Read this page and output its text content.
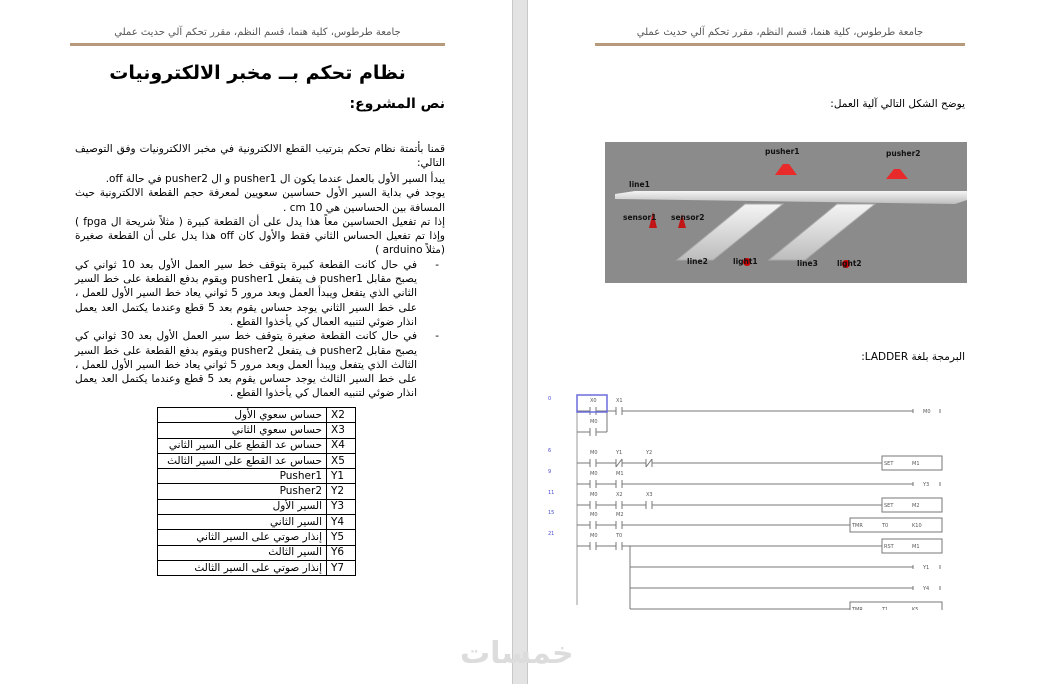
جامعة طرطوس، كلية هنما، قسم النظم، مقرر تحكم آلي حديث عملي
نظام تحكم بــ مخبر الالكترونيات
نص المشروع:
قمنا بأتمتة نظام تحكم بترتيب القطع الالكترونية في مخبر الالكترونيات وفق التوصيف التالي:

يبدأ السير الأول بالعمل عندما يكون ال pusher1 و ال pusher2 في حالة off.

يوجد في بداية السير الأول حساسين سعويين لمعرفة حجم القطعة الالكترونية حيث المسافة بين الحساسين هي 10 cm .

إذا تم تفعيل الحساسين معاً هذا يدل على أن القطعة كبيرة ( مثلاً شريحة ال fpga ) وإذا تم تفعيل الحساس الثاني فقط والأول كان off هذا يدل على أن القطعة صغيرة (مثلاً arduino )

- في حال كانت القطعة كبيرة يتوقف خط سير العمل الأول بعد 10 ثواني كي يصبح مقابل pusher1 ف يتفعل pusher1 ويقوم بدفع القطعة على خط السير الثاني الذي يتفعل ويبدأ العمل وبعد مرور 5 ثواني يعاد خط السير الأول للعمل ، على خط السير الثاني يوجد حساس يقوم بعد 5 قطع وعندما يكتمل العد يعمل انذار ضوئي لتنبيه العمال كي يأخذوا القطع .
- في حال كانت القطعة صغيرة يتوقف خط سير العمل الأول بعد 30 ثواني كي يصبح مقابل pusher2 ف يتفعل pusher2 ويقوم بدفع القطعة على خط السير الثالث الذي يتفعل ويبدأ العمل وبعد مرور 5 ثواني يعاد خط السير الأول للعمل ، على خط السير الثالث يوجد حساس يقوم بعد 5 قطع وعندما يكتمل العد يعمل انذار ضوئي لتنبيه العمال كي يأخذوا القطع .
X2	حساس سعوي الأول
X3	حساس سعوي الثاني
X4	حساس عد القطع على السير الثاني
X5	حساس عد القطع على السير الثالث
Y1	Pusher1
Y2	Pusher2
Y3	السير الأول
Y4	السير الثاني
Y5	إنذار صوتي على السير الثاني
Y6	السير الثالث
Y7	إنذار صوتي على السير الثالث
جامعة طرطوس، كلية هنما، قسم النظم، مقرر تحكم آلي حديث عملي
يوضح الشكل التالي آلية العمل:
البرمجة بلغة LADDER:
pusher1	pusher2
line1
line2	line3
sensor1 sensor2
light1	light2
0	X0	X1
M0
M0
6	M0	Y1	Y2
SET	M1
9	M0	M1
Y3
11	M0	X2	X3
SET	M2
15	M0	M2
TMR	T0	K10
21	M0	T0
RST	M1
Y1
Y4
TMR	T1	K5
خمسات
